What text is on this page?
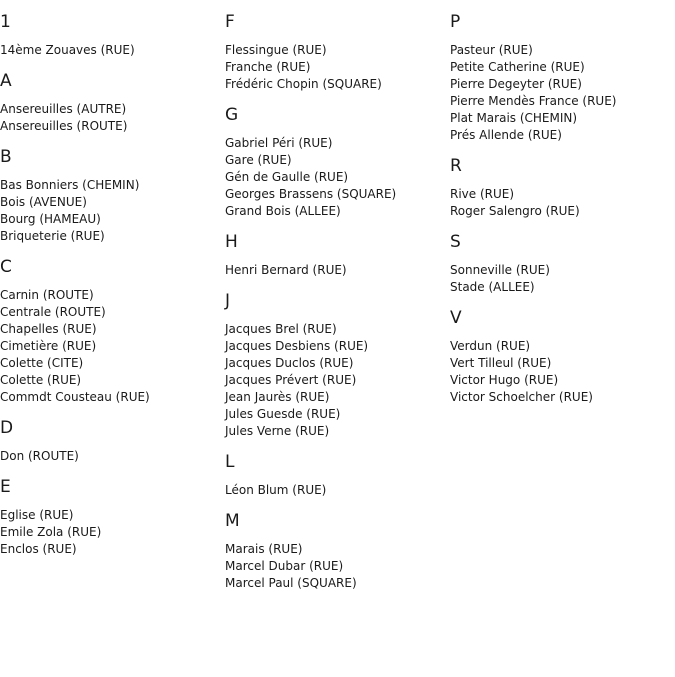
1
14ème Zouaves (RUE)
A
Ansereuilles (AUTRE)
Ansereuilles (ROUTE)
B
Bas Bonniers (CHEMIN)
Bois (AVENUE)
Bourg (HAMEAU)
Briqueterie (RUE)
C
Carnin (ROUTE)
Centrale (ROUTE)
Chapelles (RUE)
Cimetière (RUE)
Colette (CITE)
Colette (RUE)
Commdt Cousteau (RUE)
D
Don (ROUTE)
E
Eglise (RUE)
Emile Zola (RUE)
Enclos (RUE)
F
Flessingue (RUE)
Franche (RUE)
Frédéric Chopin (SQUARE)
G
Gabriel Péri (RUE)
Gare (RUE)
Gén de Gaulle (RUE)
Georges Brassens (SQUARE)
Grand Bois (ALLEE)
H
Henri Bernard (RUE)
J
Jacques Brel (RUE)
Jacques Desbiens (RUE)
Jacques Duclos (RUE)
Jacques Prévert (RUE)
Jean Jaurès (RUE)
Jules Guesde (RUE)
Jules Verne (RUE)
L
Léon Blum (RUE)
M
Marais (RUE)
Marcel Dubar (RUE)
Marcel Paul (SQUARE)
P
Pasteur (RUE)
Petite Catherine (RUE)
Pierre Degeyter (RUE)
Pierre Mendès France (RUE)
Plat Marais (CHEMIN)
Prés Allende (RUE)
R
Rive (RUE)
Roger Salengro (RUE)
S
Sonneville (RUE)
Stade (ALLEE)
V
Verdun (RUE)
Vert Tilleul (RUE)
Victor Hugo (RUE)
Victor Schoelcher (RUE)
